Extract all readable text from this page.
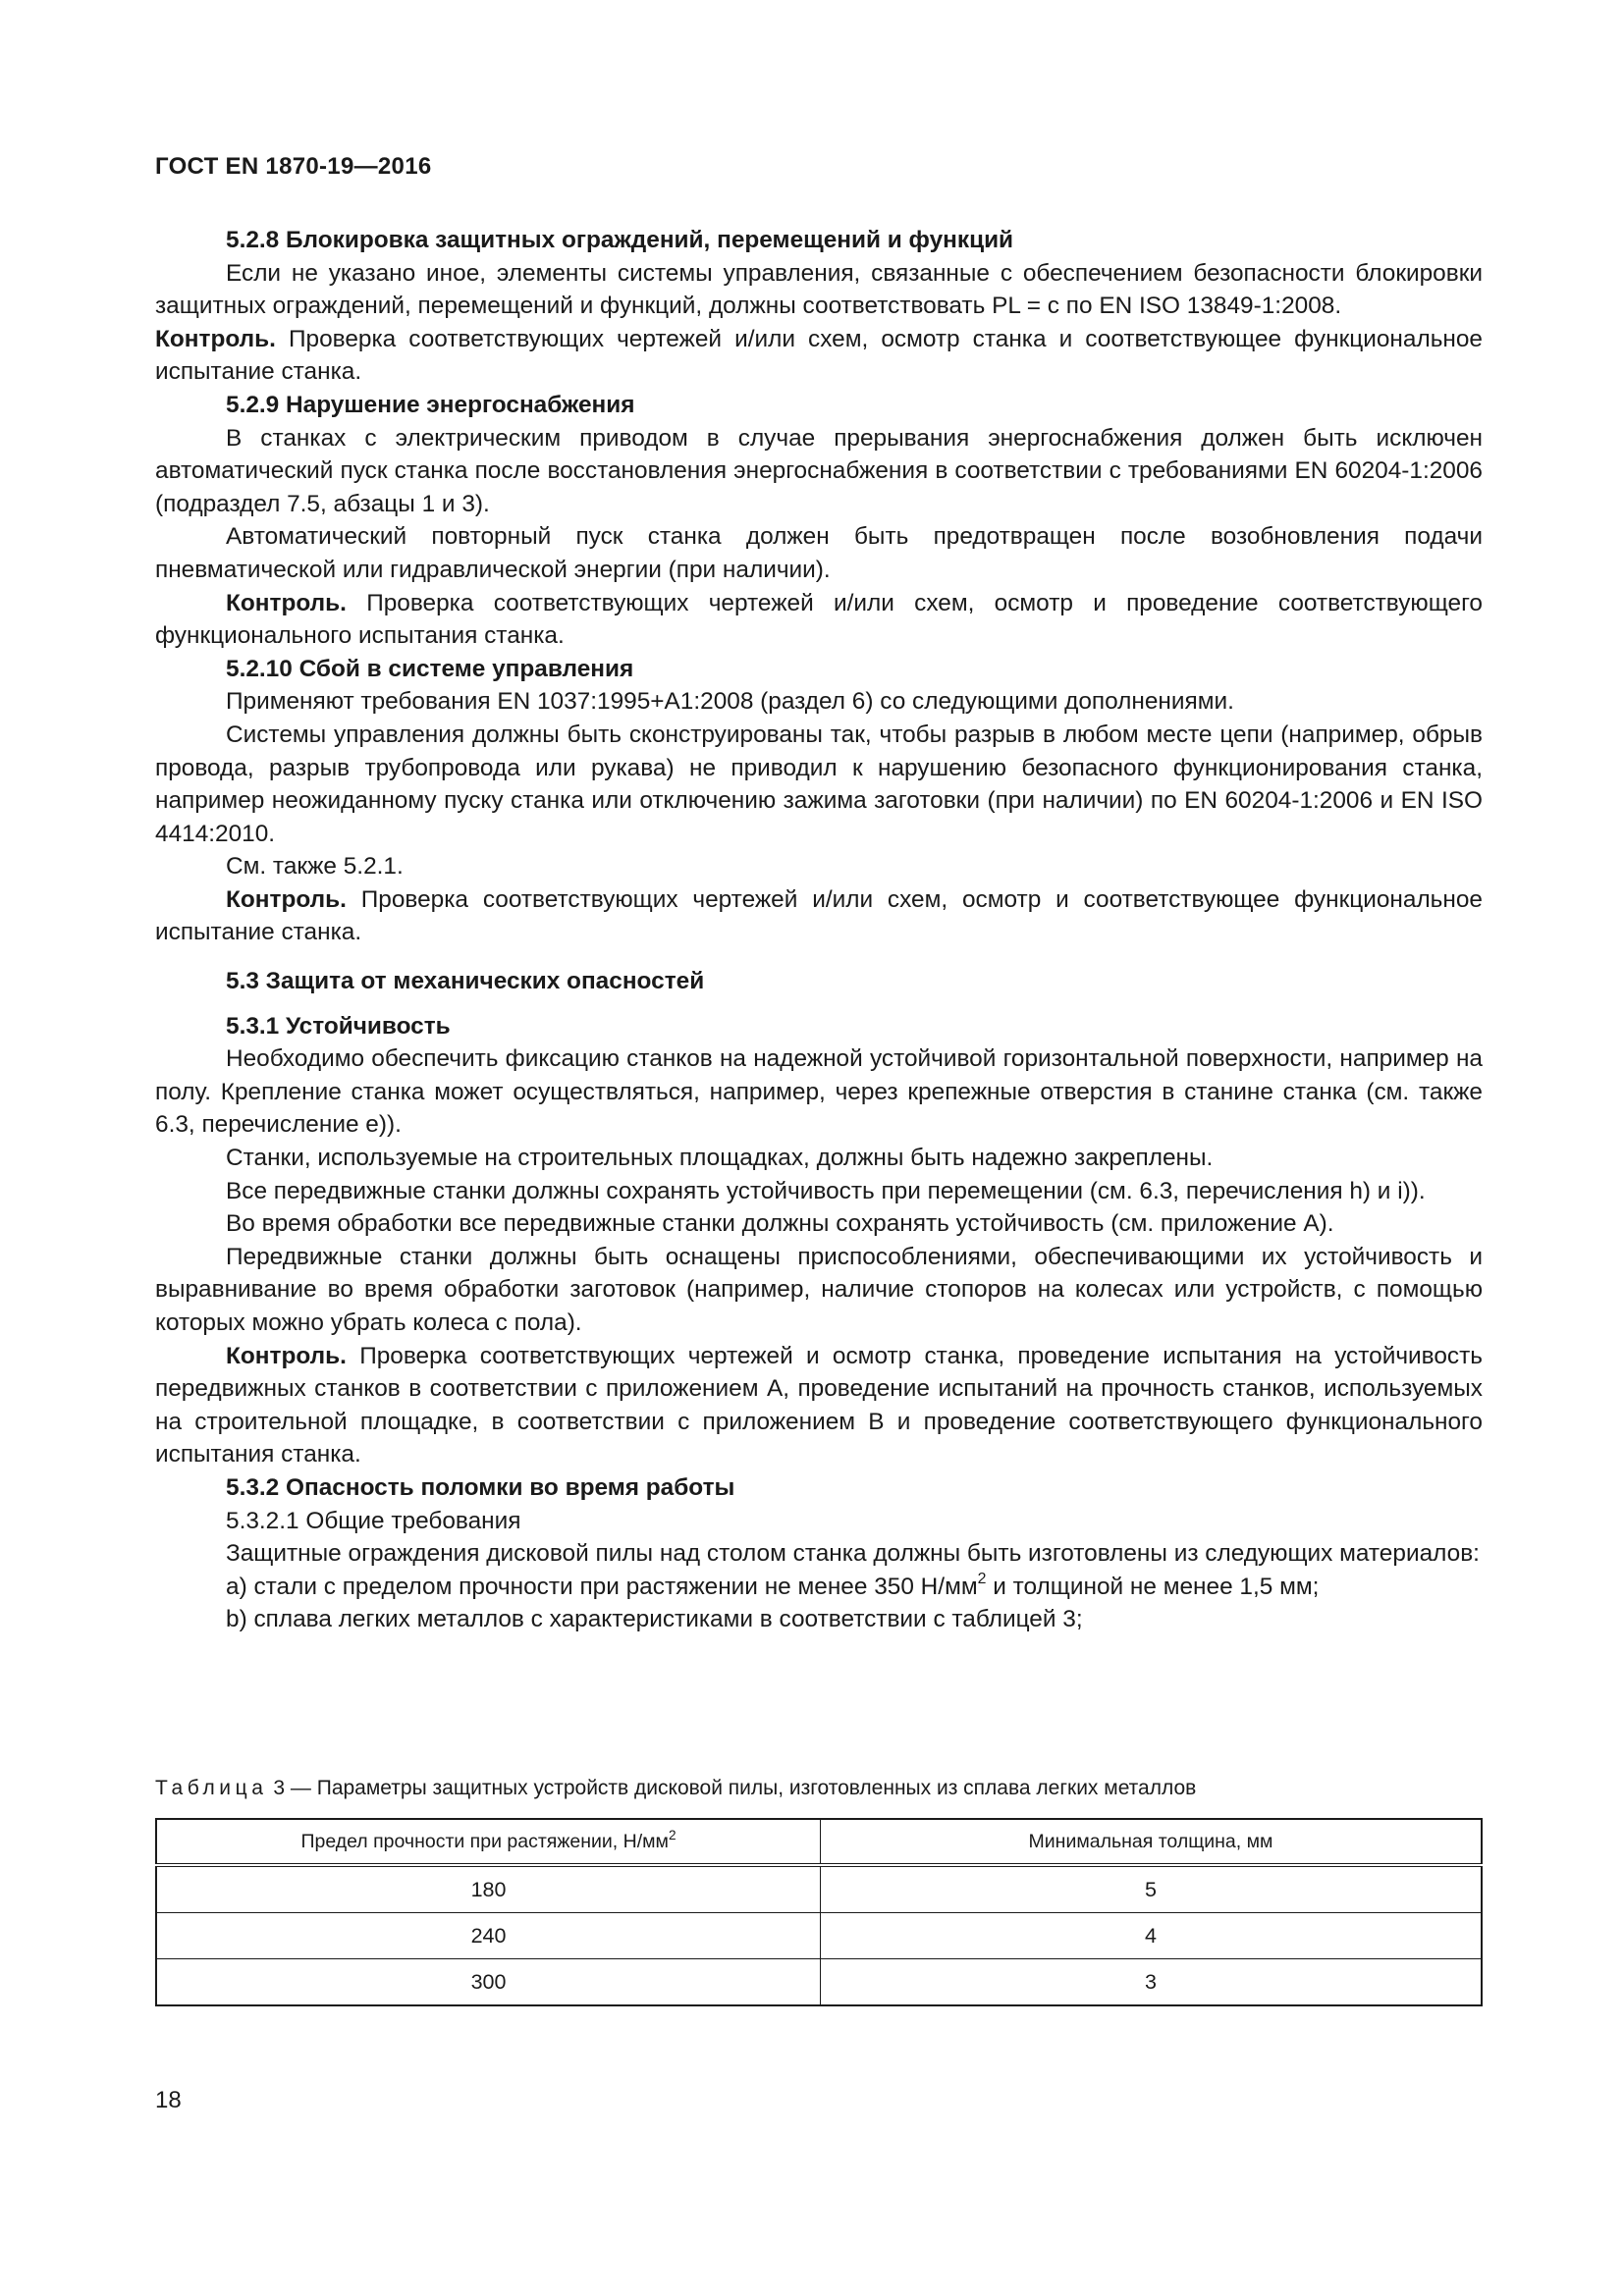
ГОСТ EN 1870-19—2016

5.2.8 Блокировка защитных ограждений, перемещений и функций

Если не указано иное, элементы системы управления, связанные с обеспечением безопасности блокировки защитных ограждений, перемещений и функций, должны соответствовать PL = c по EN ISO 13849-1:2008.

Контроль. Проверка соответствующих чертежей и/или схем, осмотр станка и соответствующее функциональное испытание станка.

5.2.9 Нарушение энергоснабжения

В станках с электрическим приводом в случае прерывания энергоснабжения должен быть исключен автоматический пуск станка после восстановления энергоснабжения в соответствии с требованиями EN 60204-1:2006 (подраздел 7.5, абзацы 1 и 3).

Автоматический повторный пуск станка должен быть предотвращен после возобновления подачи пневматической или гидравлической энергии (при наличии).

Контроль. Проверка соответствующих чертежей и/или схем, осмотр и проведение соответствующего функционального испытания станка.

5.2.10 Сбой в системе управления

Применяют требования EN 1037:1995+A1:2008 (раздел 6) со следующими дополнениями.

Системы управления должны быть сконструированы так, чтобы разрыв в любом месте цепи (например, обрыв провода, разрыв трубопровода или рукава) не приводил к нарушению безопасного функционирования станка, например неожиданному пуску станка или отключению зажима заготовки (при наличии) по EN 60204-1:2006 и EN ISO 4414:2010.

См. также 5.2.1.

Контроль. Проверка соответствующих чертежей и/или схем, осмотр и соответствующее функциональное испытание станка.

5.3 Защита от механических опасностей

5.3.1 Устойчивость

Необходимо обеспечить фиксацию станков на надежной устойчивой горизонтальной поверхности, например на полу. Крепление станка может осуществляться, например, через крепежные отверстия в станине станка (см. также 6.3, перечисление е)).

Станки, используемые на строительных площадках, должны быть надежно закреплены.

Все передвижные станки должны сохранять устойчивость при перемещении (см. 6.3, перечисления h) и i)).

Во время обработки все передвижные станки должны сохранять устойчивость (см. приложение А).

Передвижные станки должны быть оснащены приспособлениями, обеспечивающими их устойчивость и выравнивание во время обработки заготовок (например, наличие стопоров на колесах или устройств, с помощью которых можно убрать колеса с пола).

Контроль. Проверка соответствующих чертежей и осмотр станка, проведение испытания на устойчивость передвижных станков в соответствии с приложением А, проведение испытаний на прочность станков, используемых на строительной площадке, в соответствии с приложением В и проведение соответствующего функционального испытания станка.

5.3.2 Опасность поломки во время работы

5.3.2.1 Общие требования

Защитные ограждения дисковой пилы над столом станка должны быть изготовлены из следующих материалов:

a) стали с пределом прочности при растяжении не менее 350 $Н/мм^2$ и толщиной не менее 1,5 мм;

b) сплава легких металлов с характеристиками в соответствии с таблицей 3;

Таблица 3 — Параметры защитных устройств дисковой пилы, изготовленных из сплава легких металлов
Предел прочности при растяжении, $Н/мм^2$	Минимальная толщина, мм
180	5
240	4
300	3
18
